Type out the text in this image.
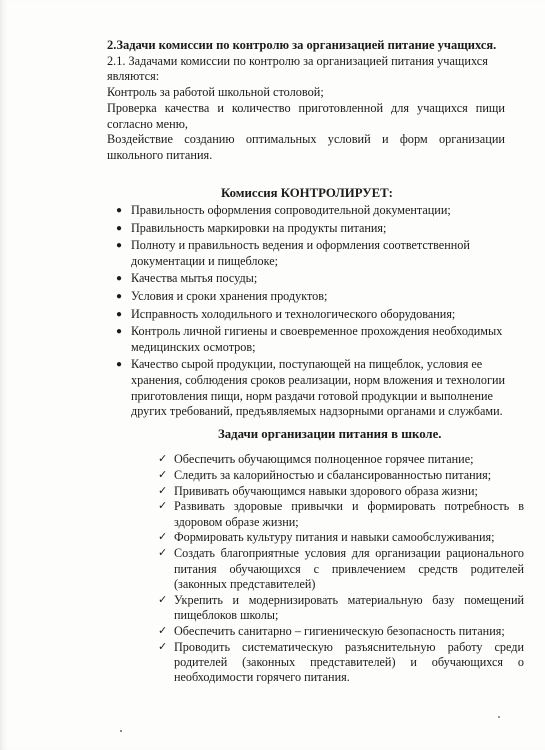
2.Задачи комиссии по контролю за организацией питание учащихся.
2.1. Задачами комиссии по контролю за организацией питания учащихся
являются:
Контроль за работой школьной столовой;
Проверка качества и количество приготовленной для учащихся пищи
согласно меню,
Воздействие созданию оптимальных условий и форм организации
школьного питания.
Комиссия КОНТРОЛИРУЕТ:
● Правильность оформления сопроводительной документации;
● Правильность маркировки на продукты питания;
● Полноту и правильность ведения и оформления соответственной документации и пищеблоке;
● Качества мытья посуды;
● Условия и сроки хранения продуктов;
● Исправность холодильного и технологического оборудования;
● Контроль личной гигиены и своевременное прохождения необходимых медицинских осмотров;
● Качество сырой продукции, поступающей на пищеблок, условия ее хранения, соблюдения сроков реализации, норм вложения и технологии приготовления пищи, норм раздачи готовой продукции и выполнение других требований, предъявляемых надзорными органами и службами.
Задачи организации питания в школе.
✓ Обеспечить обучающимся полноценное горячее питание;
✓ Следить за калорийностью и сбалансированностью питания;
✓ Прививать обучающимся навыки здорового образа жизни;
✓ Развивать здоровые привычки и формировать потребность в здоровом образе жизни;
✓ Формировать культуру питания и навыки самообслуживания;
✓ Создать благоприятные условия для организации рационального питания обучающихся с привлечением средств родителей (законных представителей)
✓ Укрепить и модернизировать материальную базу помещений пищеблоков школы;
✓ Обеспечить санитарно – гигиеническую безопасность питания;
✓ Проводить систематическую разъяснительную работу среди родителей (законных представителей) и обучающихся о необходимости горячего питания.
